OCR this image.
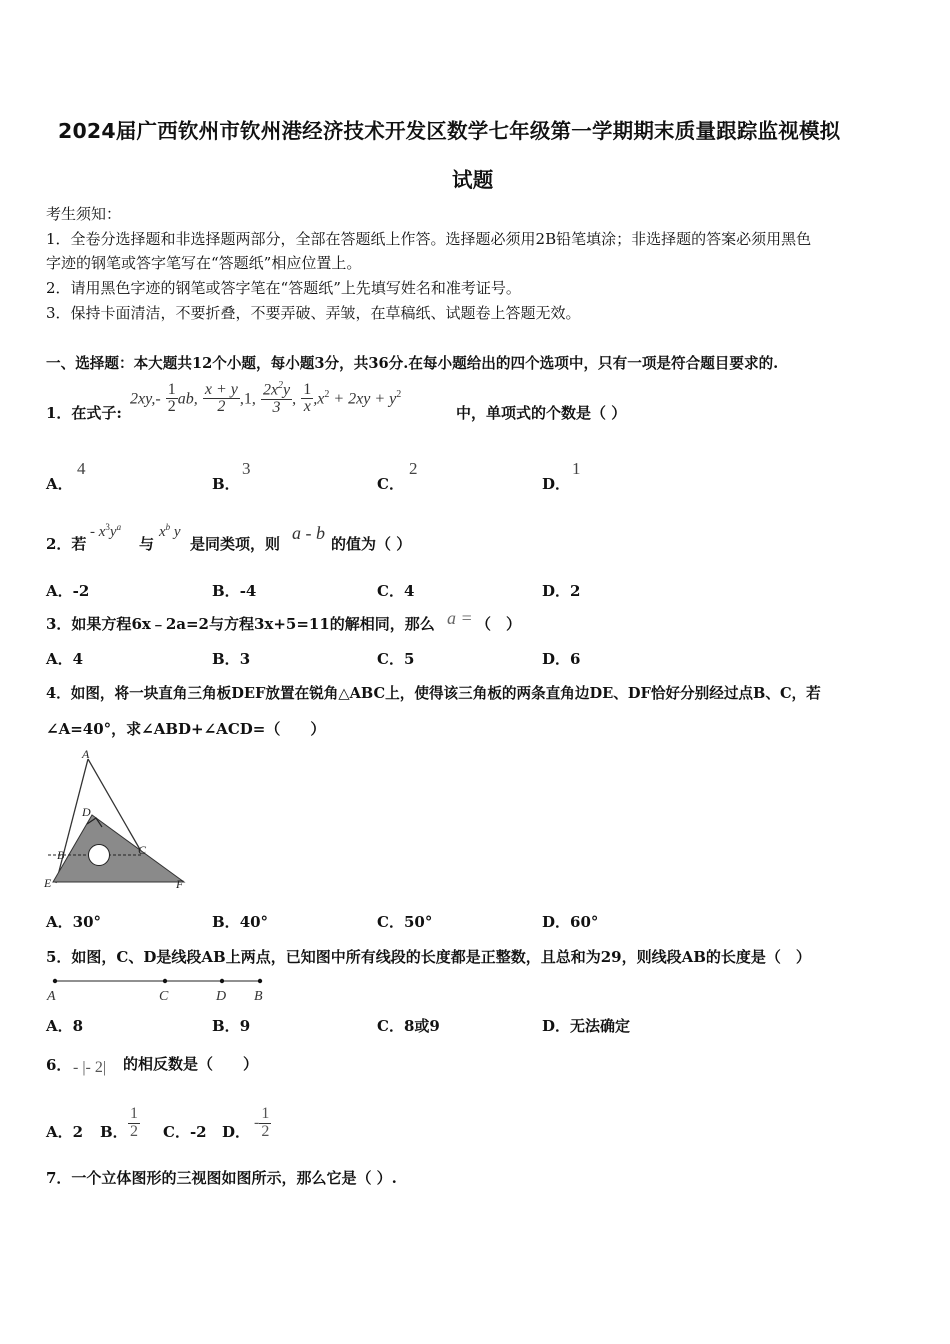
2024届广西钦州市钦州港经济技术开发区数学七年级第一学期期末质量跟踪监视模拟
试题
考生须知：
1．全卷分选择题和非选择题两部分，全部在答题纸上作答。选择题必须用2B铅笔填涂；非选择题的答案必须用黑色
字迹的钢笔或答字笔写在“答题纸”相应位置上。
2．请用黑色字迹的钢笔或答字笔在“答题纸”上先填写姓名和准考证号。
3．保持卡面清洁，不要折叠，不要弄破、弄皱，在草稿纸、试题卷上答题无效。
一、选择题：本大题共12个小题，每小题3分，共36分.在每小题给出的四个选项中，只有一项是符合题目要求的.
1．在式子:
$2xy,- \frac{1}{2}$ ab, $\frac{x + y}{2} ,1$, $\frac{2x^2y}{3}$ , $\frac{1}{x} ,x^2 + 2xy + y^2$
中，单项式的个数是（ ）
A．
4
B．
3
C．
2
D．
1
2．若
- $x^3y^a$
与
$x^b$ y
是同类项，则
a - b
的值为（ ）
A．-2	B．-4	C．4	D．2
3．如果方程6x﹣2a=2与方程3x+5=11的解相同，那么 a = （　）
A．4	B．3	C．5	D．6
4．如图，将一块直角三角板DEF放置在锐角△ABC上，使得该三角板的两条直角边DE、DF恰好分别经过点B、C，若
∠A=40°，求∠ABD+∠ACD=（　　）
A
D
B	C
E	F
A．30°	B．40°	C．50°	D．60°
5．如图，C、D是线段AB上两点，已知图中所有线段的长度都是正整数，且总和为29，则线段AB的长度是（　）
A	C	D B
A．8	B．9	C．8或9	D．无法确定
6． - |- 2| 的相反数是（　　）
A．2 B． $\frac{1}{2}$ C．-2 D．
- $\frac{1}{2}$
7．一个立体图形的三视图如图所示，那么它是（ ）.
